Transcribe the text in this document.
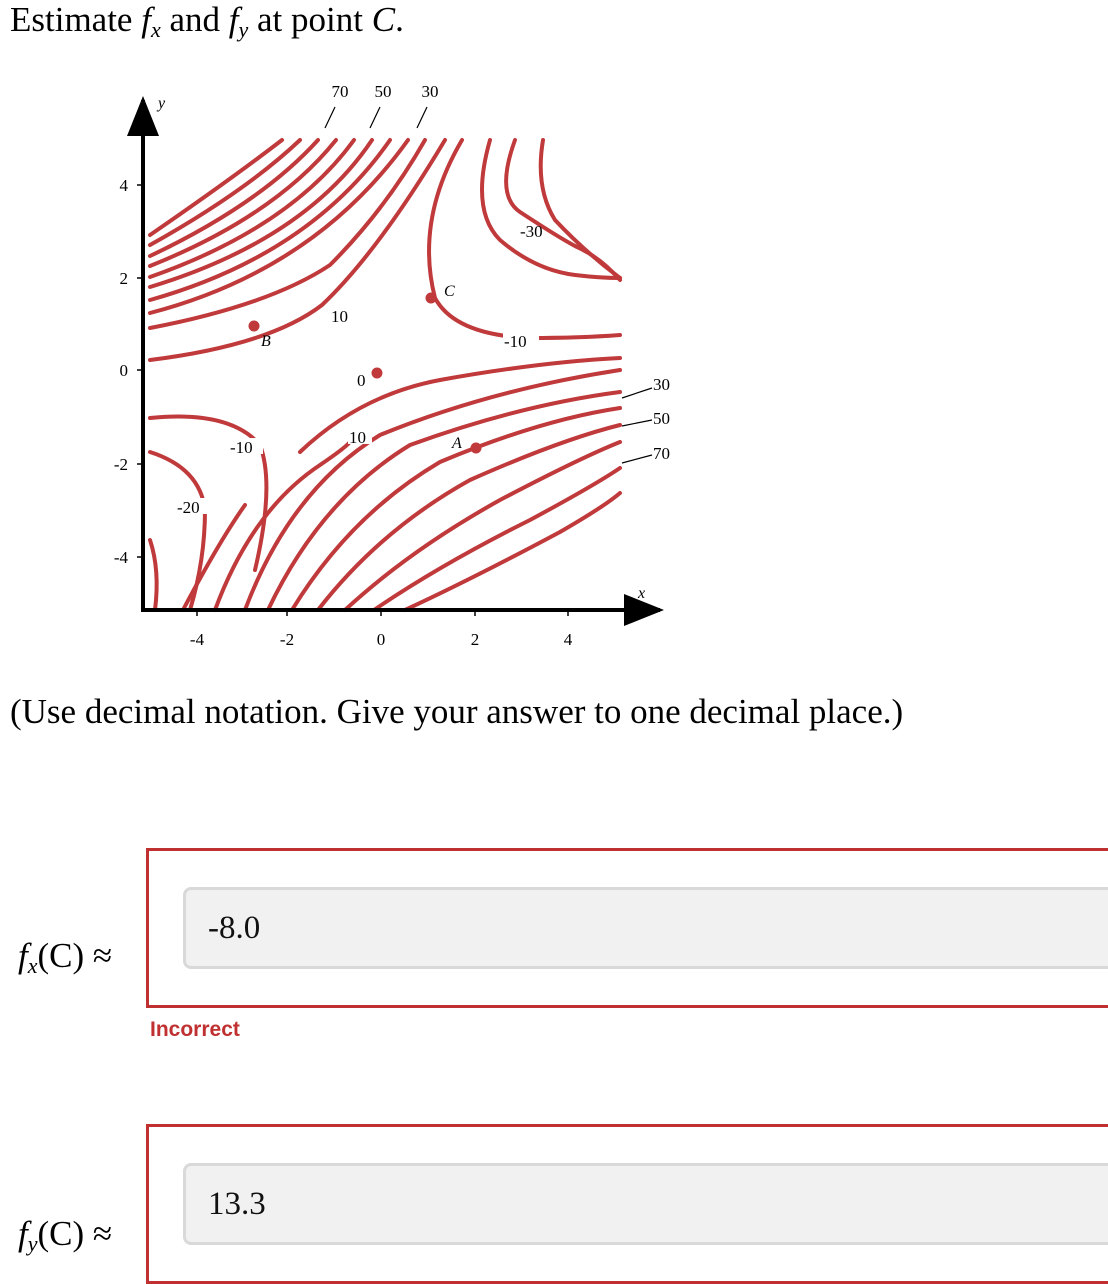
Estimate $f_x$ and $f_y$ at point C.
4
2
0
-2
-4
-4	-2	0	2	4
y
x
70 50 30
30
50
70
10
0
10
-10
-20
-10
-30
B
C
A
(Use decimal notation. Give your answer to one decimal place.)
$f_x(C)$ ≈
-8.0
Incorrect
$f_y(C)$ ≈
13.3
